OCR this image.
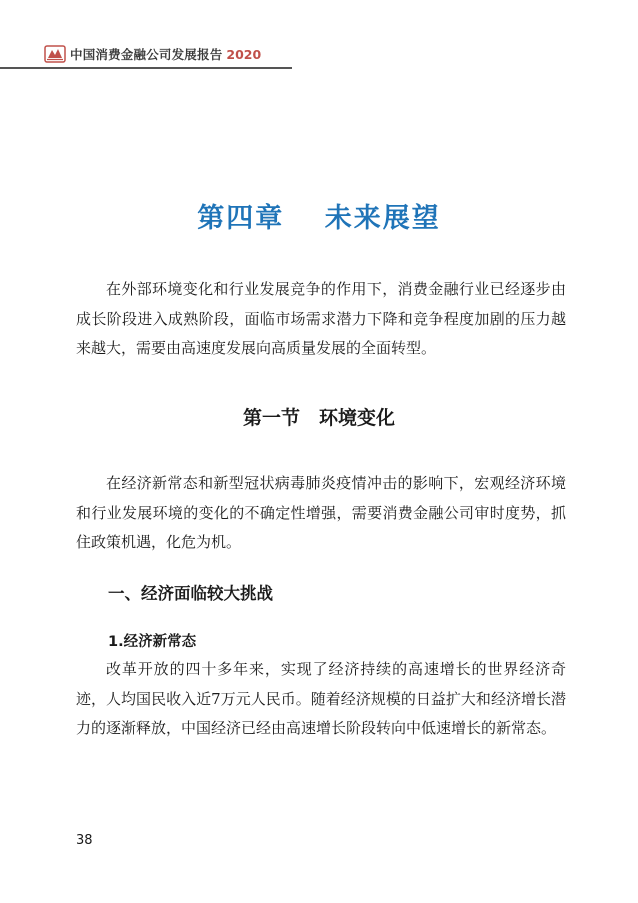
中国消费金融公司发展报告 2020
第四章　 未来展望

在外部环境变化和行业发展竞争的作用下，消费金融行业已经逐步由成长阶段进入成熟阶段，面临市场需求潜力下降和竞争程度加剧的压力越来越大，需要由高速度发展向高质量发展的全面转型。

第一节　环境变化

在经济新常态和新型冠状病毒肺炎疫情冲击的影响下，宏观经济环境和行业发展环境的变化的不确定性增强，需要消费金融公司审时度势，抓住政策机遇，化危为机。

一、经济面临较大挑战
1.经济新常态

改革开放的四十多年来，实现了经济持续的高速增长的世界经济奇迹，人均国民收入近7万元人民币。随着经济规模的日益扩大和经济增长潜力的逐渐释放，中国经济已经由高速增长阶段转向中低速增长的新常态。

38
